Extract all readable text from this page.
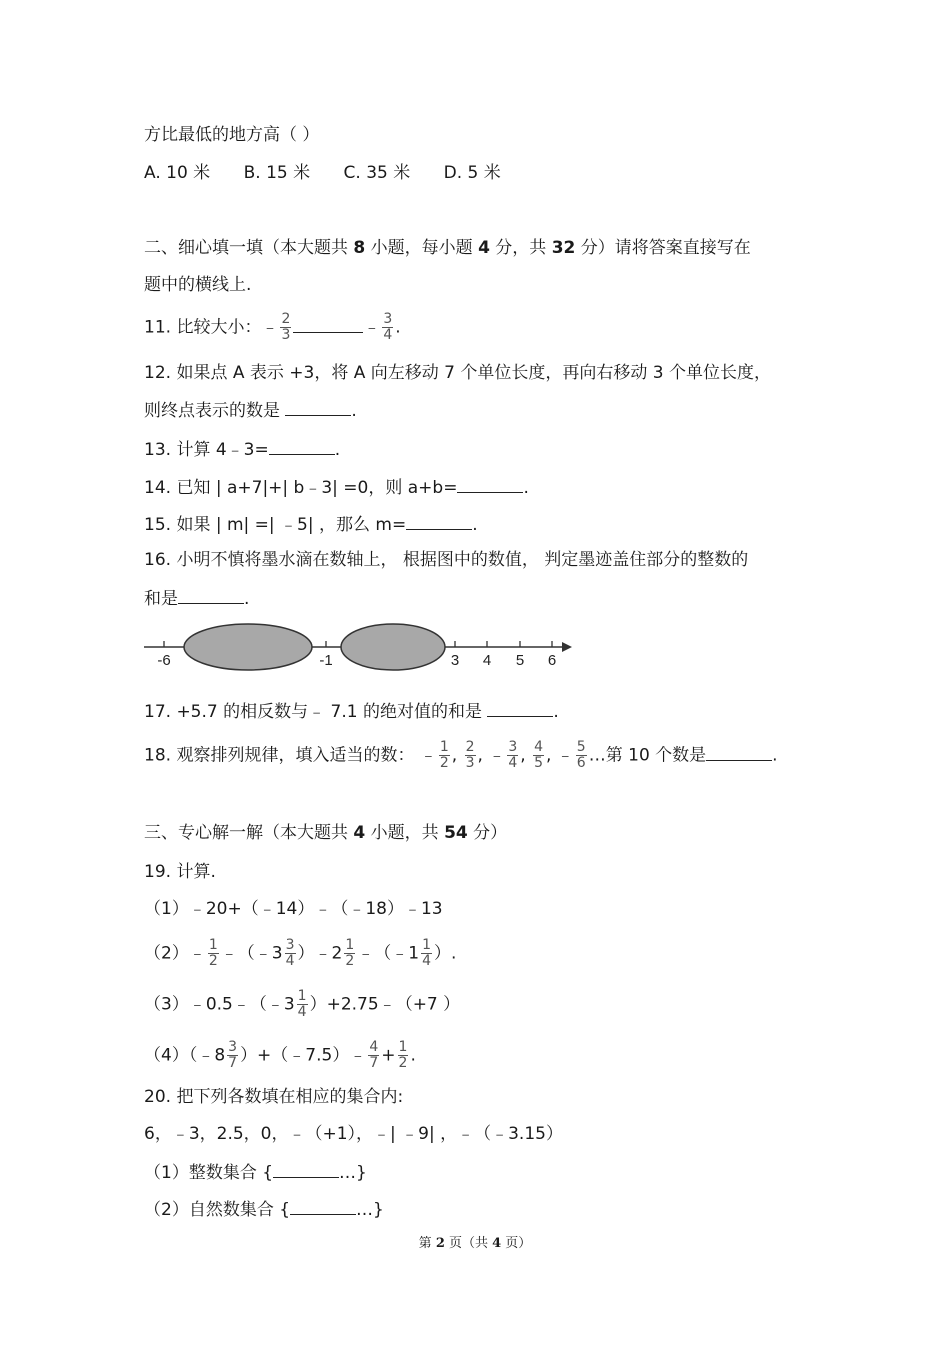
方比最低的地方高（ ）
A. 10 米 B. 15 米 C. 35 米 D. 5 米
二、细心填一填（本大题共 8 小题，每小题 4 分，共 32 分）请将答案直接写在
题中的横线上.
11. 比较大小：﹣ $\frac{2}{3}$	﹣ $\frac{3}{4}$ .
12. 如果点 A 表示 +3，将 A 向左移动 7 个单位长度，再向右移动 3 个单位长度，
则终点表示的数是	.
13. 计算 4﹣3=	.
14. 已知 | a+7|+| b﹣3| =0，则 a+b=	.
15. 如果 | m| =| ﹣5| ，那么 m=	.
16. 小明不慎将墨水滴在数轴上， 根据图中的数值， 判定墨迹盖住部分的整数的
和是	.
-6	-1	3 4 5 6
17. +5.7 的相反数与﹣ 7.1 的绝对值的和是	.
18. 观察排列规律，填入适当的数： ﹣ $\frac{1}{2}$ , $\frac{2}{3}$ , ﹣ $\frac{3}{4}$ , $\frac{4}{5}$ , ﹣ $\frac{5}{6}$ …第 10 个数是	.
三、专心解一解（本大题共 4 小题，共 54 分）
19. 计算.
（1）﹣20+（﹣14）﹣（﹣18）﹣13
（2）﹣ $\frac{1}{2}$ ﹣（﹣3 $\frac{3}{4}$ ）﹣2 $\frac{1}{2}$ ﹣（﹣1 $\frac{1}{4}$ ）.
（3）﹣0.5﹣（﹣3 $\frac{1}{4}$ ）+2.75﹣（+7 ）
（4）（﹣8 $\frac{3}{7}$ ）+（﹣7.5）﹣ $\frac{4}{7} + \frac{1}{2}$ .
20. 把下列各数填在相应的集合内:
6，﹣3，2.5，0，﹣（+1），﹣| ﹣9| ，﹣（﹣3.15）
（1）整数集合 {	…}
（2）自然数集合 {	…}
第 2 页（共 4 页）
